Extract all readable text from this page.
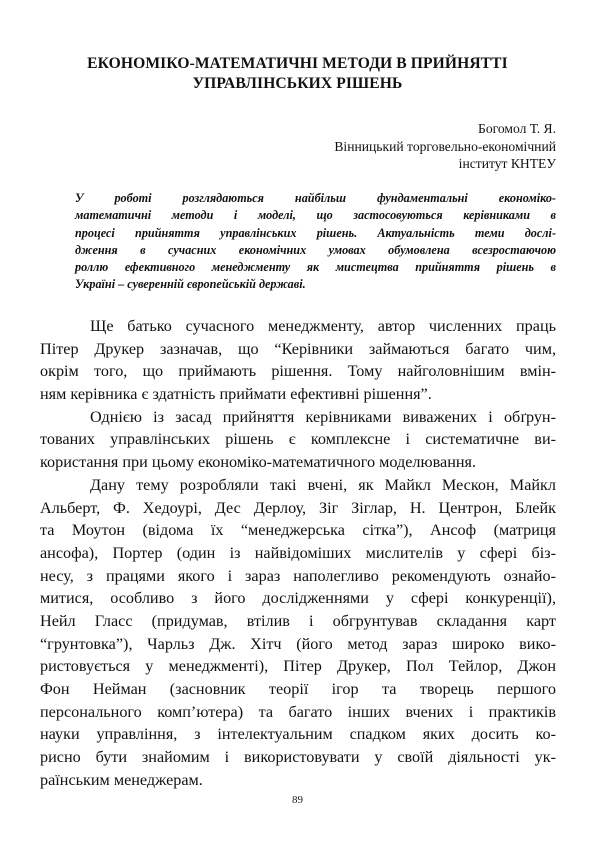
ЕКОНОМІКО-МАТЕМАТИЧНІ МЕТОДИ В ПРИЙНЯТТІ
УПРАВЛІНСЬКИХ РІШЕНЬ
Богомол Т. Я.
Вінницький торговельно-економічний
інститут КНТЕУ
У роботі розглядаються найбільш фундаментальні економіко-
математичні методи і моделі, що застосовуються керівниками в
процесі прийняття управлінських рішень. Актуальність теми дослі-
дження в сучасних економічних умовах обумовлена всезростаючою
роллю ефективного менеджменту як мистецтва прийняття рішень в
Україні – суверенній європейській державі.
Ще батько сучасного менеджменту, автор численних праць
Пітер Друкер зазначав, що “Керівники займаються багато чим,
окрім того, що приймають рішення. Тому найголовнішим вмін-
ням керівника є здатність приймати ефективні рішення”.
Однією із засад прийняття керівниками виважених і обґрун-
тованих управлінських рішень є комплексне і систематичне ви-
користання при цьому економіко-математичного моделювання.
Дану тему розробляли такі вчені, як Майкл Мескон, Майкл
Альберт, Ф. Хедоурі, Дес Дерлоу, Зіг Зіглар, Н. Центрон, Блейк
та Моутон (відома їх “менеджерська сітка”), Ансоф (матриця
ансофа), Портер (один із найвідоміших мислителів у сфері біз-
несу, з працями якого і зараз наполегливо рекомендують ознайо-
митися, особливо з його дослідженнями у сфері конкуренції),
Нейл Гласс (придумав, втілив і обгрунтував складання карт
“грунтовка”), Чарльз Дж. Хітч (його метод зараз широко вико-
ристовується у менеджменті), Пітер Друкер, Пол Тейлор, Джон
Фон Нейман (засновник теорії ігор та творець першого
персонального комп’ютера) та багато інших вчених і практиків
науки управління, з інтелектуальним спадком яких досить ко-
рисно бути знайомим і використовувати у своїй діяльності ук-
раїнським менеджерам.
89
